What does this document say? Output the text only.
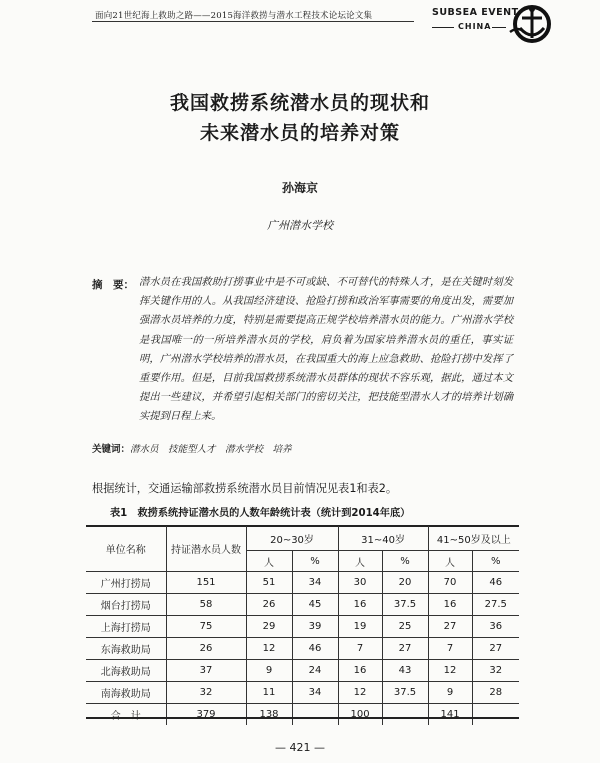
面向21世纪海上救助之路——2015海洋救捞与潜水工程技术论坛论文集	SUBSEA EVENT
CHINA
我国救捞系统潜水员的现状和
未来潜水员的培养对策
孙海京
广州潜水学校
摘　要： 潜水员在我国救助打捞事业中是不可或缺、不可替代的特殊人才，是在关键时刻发挥关键作用的人。从我国经济建设、抢险打捞和政治军事需要的角度出发，需要加强潜水员培养的力度，特别是需要提高正规学校培养潜水员的能力。广州潜水学校是我国唯一的一所培养潜水员的学校，肩负着为国家培养潜水员的重任，事实证明，广州潜水学校培养的潜水员，在我国重大的海上应急救助、抢险打捞中发挥了重要作用。但是，目前我国救捞系统潜水员群体的现状不容乐观，据此，通过本文提出一些建议，并希望引起相关部门的密切关注，把技能型潜水人才的培养计划确实提到日程上来。
关键词：潜水员　技能型人才　潜水学校　培养
根据统计，交通运输部救捞系统潜水员目前情况见表1和表2。
表1　救捞系统持证潜水员的人数年龄统计表（统计到2014年底）
单位名称	持证潜水员人数	20~30岁		31~40岁		41~50岁及以上	
		人	%	人	%	人	%
广州打捞局	151	51	34	30	20	70	46
烟台打捞局	58	26	45	16	37.5	16	27.5
上海打捞局	75	29	39	19	25	27	36
东海救助局	26	12	46	7	27	7	27
北海救助局	37	9	24	16	43	12	32
南海救助局	32	11	34	12	37.5	9	28
合　计	379	138		100		141	
— 421 —
